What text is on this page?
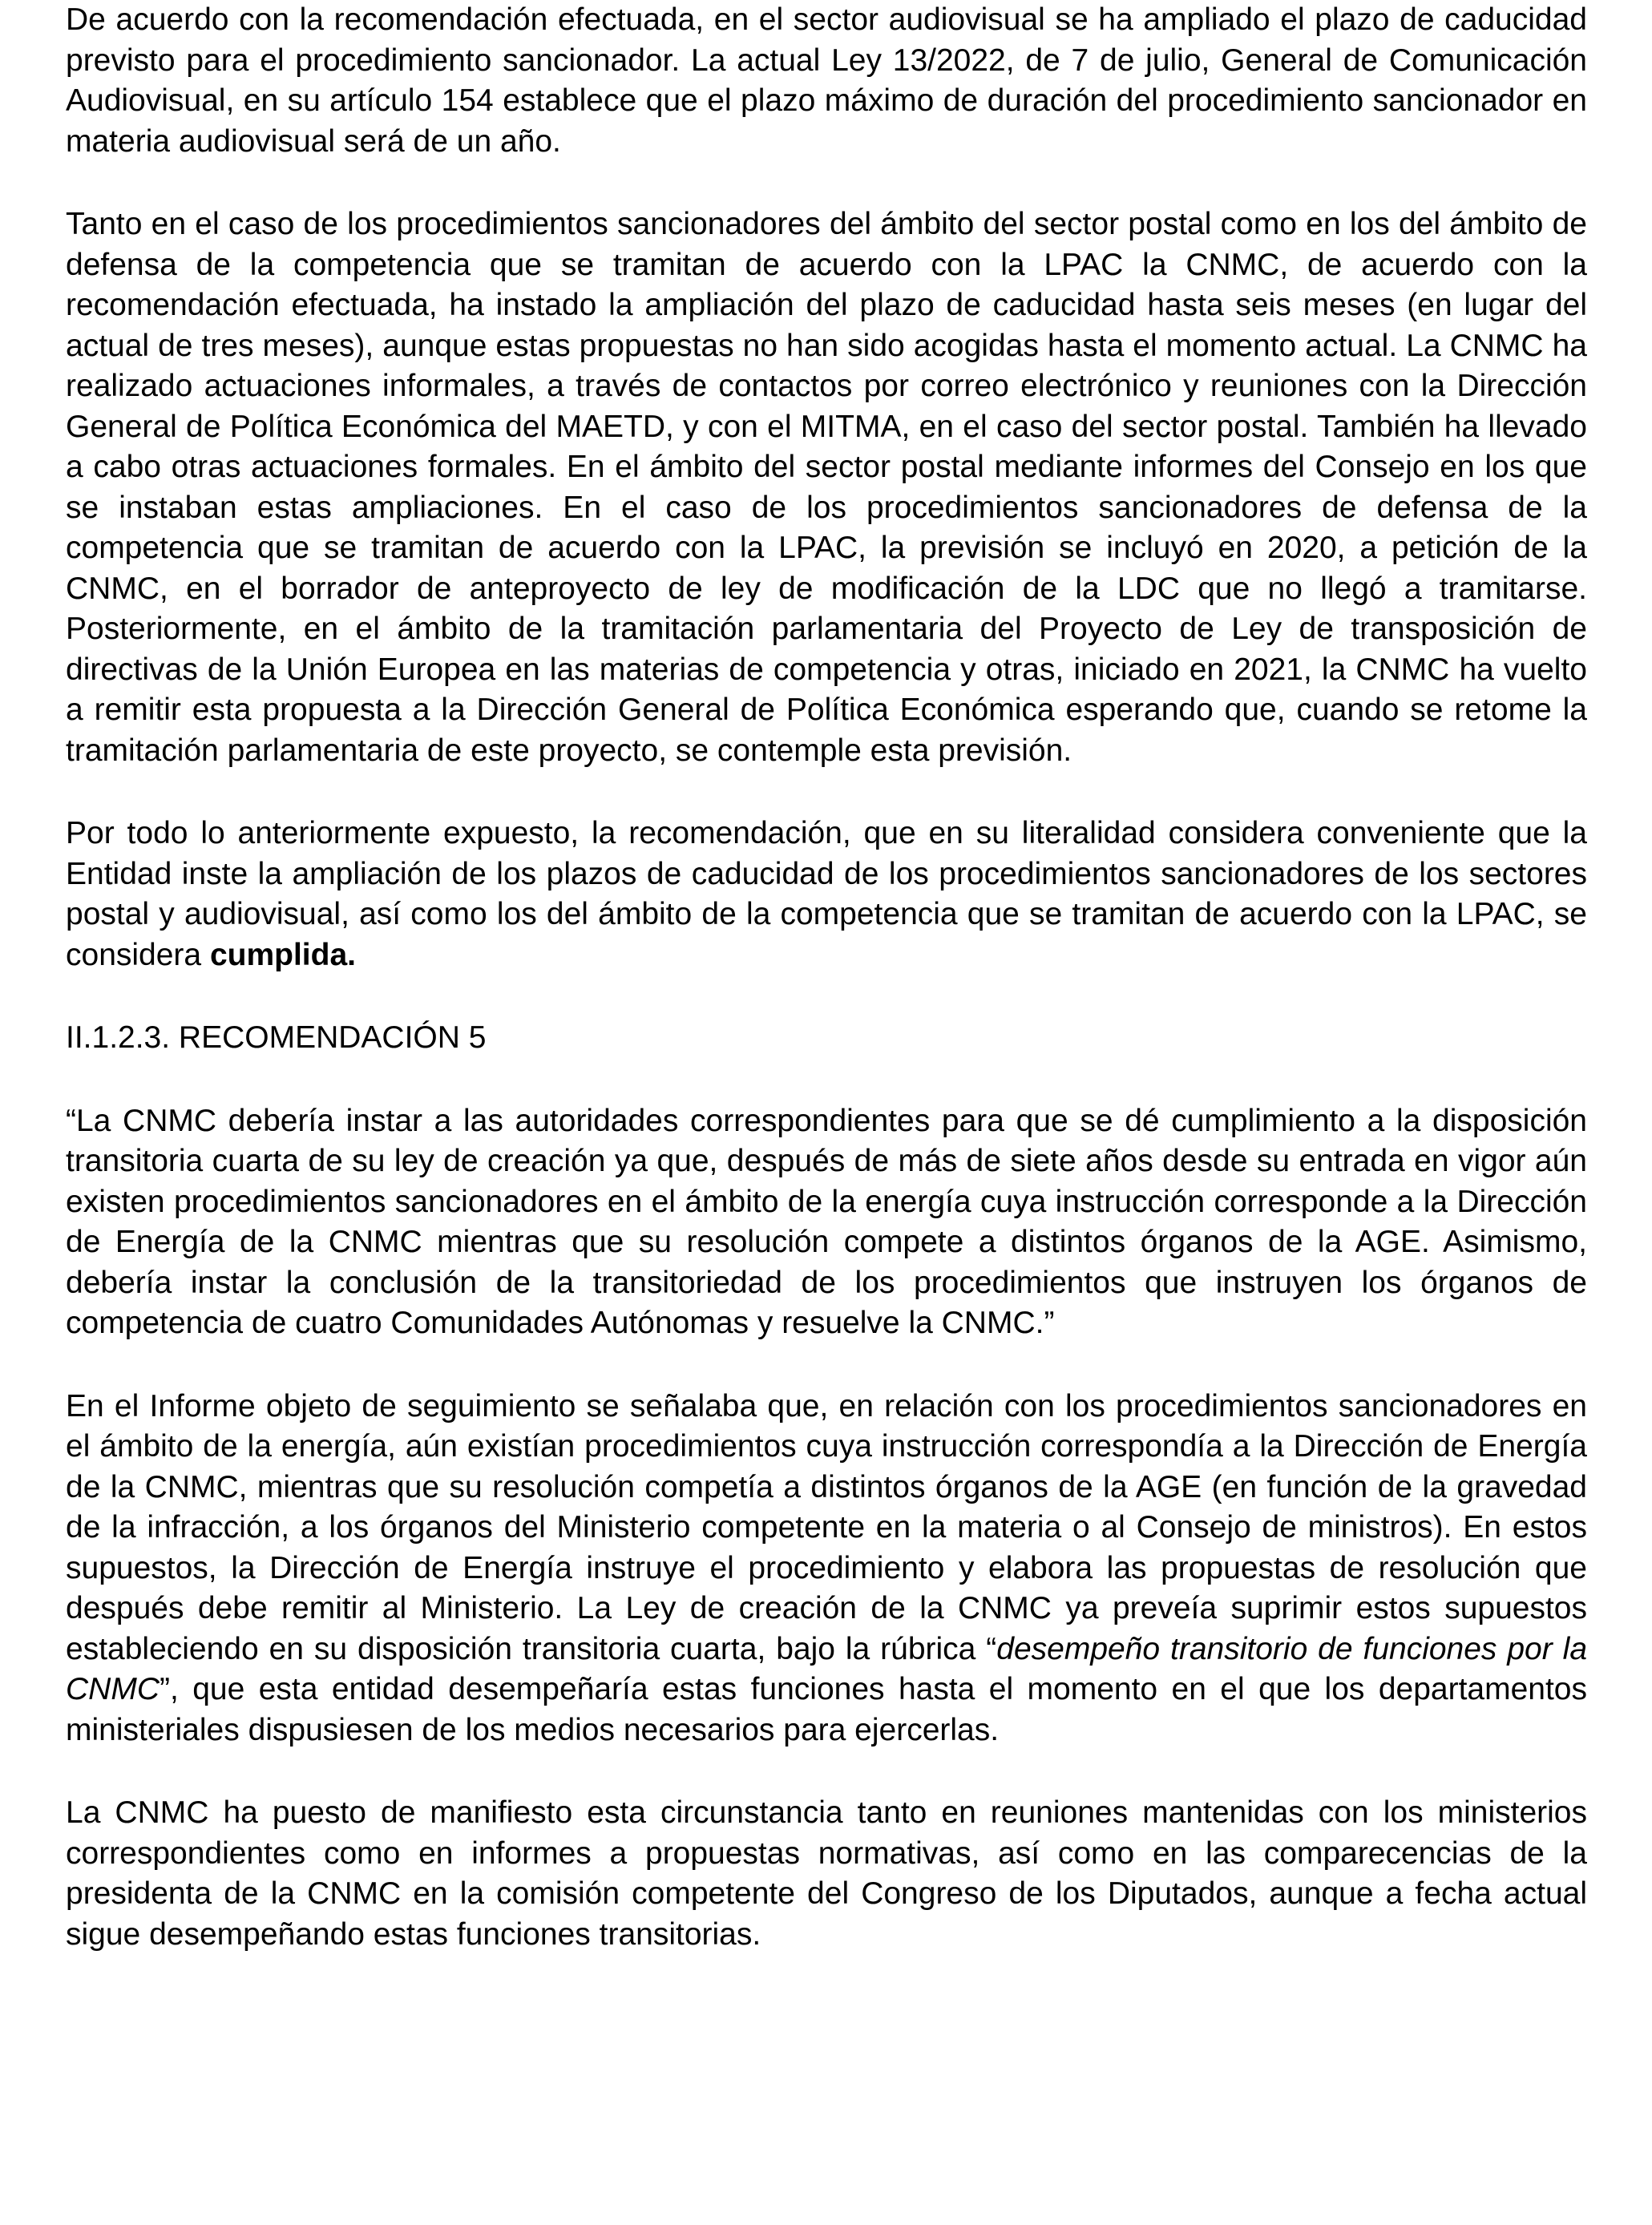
De acuerdo con la recomendación efectuada, en el sector audiovisual se ha ampliado el plazo de caducidad previsto para el procedimiento sancionador. La actual Ley 13/2022, de 7 de julio, General de Comunicación Audiovisual, en su artículo 154 establece que el plazo máximo de duración del procedimiento sancionador en materia audiovisual será de un año.

Tanto en el caso de los procedimientos sancionadores del ámbito del sector postal como en los del ámbito de defensa de la competencia que se tramitan de acuerdo con la LPAC la CNMC, de acuerdo con la recomendación efectuada, ha instado la ampliación del plazo de caducidad hasta seis meses (en lugar del actual de tres meses), aunque estas propuestas no han sido acogidas hasta el momento actual. La CNMC ha realizado actuaciones informales, a través de contactos por correo electrónico y reuniones con la Dirección General de Política Económica del MAETD, y con el MITMA, en el caso del sector postal. También ha llevado a cabo otras actuaciones formales. En el ámbito del sector postal mediante informes del Consejo en los que se instaban estas ampliaciones. En el caso de los procedimientos sancionadores de defensa de la competencia que se tramitan de acuerdo con la LPAC, la previsión se incluyó en 2020, a petición de la CNMC, en el borrador de anteproyecto de ley de modificación de la LDC que no llegó a tramitarse. Posteriormente, en el ámbito de la tramitación parlamentaria del Proyecto de Ley de transposición de directivas de la Unión Europea en las materias de competencia y otras, iniciado en 2021, la CNMC ha vuelto a remitir esta propuesta a la Dirección General de Política Económica esperando que, cuando se retome la tramitación parlamentaria de este proyecto, se contemple esta previsión.

Por todo lo anteriormente expuesto, la recomendación, que en su literalidad considera conveniente que la Entidad inste la ampliación de los plazos de caducidad de los procedimientos sancionadores de los sectores postal y audiovisual, así como los del ámbito de la competencia que se tramitan de acuerdo con la LPAC, se considera cumplida.

II.1.2.3. RECOMENDACIÓN 5

“La CNMC debería instar a las autoridades correspondientes para que se dé cumplimiento a la disposición transitoria cuarta de su ley de creación ya que, después de más de siete años desde su entrada en vigor aún existen procedimientos sancionadores en el ámbito de la energía cuya instrucción corresponde a la Dirección de Energía de la CNMC mientras que su resolución compete a distintos órganos de la AGE. Asimismo, debería instar la conclusión de la transitoriedad de los procedimientos que instruyen los órganos de competencia de cuatro Comunidades Autónomas y resuelve la CNMC.”

En el Informe objeto de seguimiento se señalaba que, en relación con los procedimientos sancionadores en el ámbito de la energía, aún existían procedimientos cuya instrucción correspondía a la Dirección de Energía de la CNMC, mientras que su resolución competía a distintos órganos de la AGE (en función de la gravedad de la infracción, a los órganos del Ministerio competente en la materia o al Consejo de ministros). En estos supuestos, la Dirección de Energía instruye el procedimiento y elabora las propuestas de resolución que después debe remitir al Ministerio. La Ley de creación de la CNMC ya preveía suprimir estos supuestos estableciendo en su disposición transitoria cuarta, bajo la rúbrica “desempeño transitorio de funciones por la CNMC”, que esta entidad desempeñaría estas funciones hasta el momento en el que los departamentos ministeriales dispusiesen de los medios necesarios para ejercerlas.

La CNMC ha puesto de manifiesto esta circunstancia tanto en reuniones mantenidas con los ministerios correspondientes como en informes a propuestas normativas, así como en las comparecencias de la presidenta de la CNMC en la comisión competente del Congreso de los Diputados, aunque a fecha actual sigue desempeñando estas funciones transitorias.
